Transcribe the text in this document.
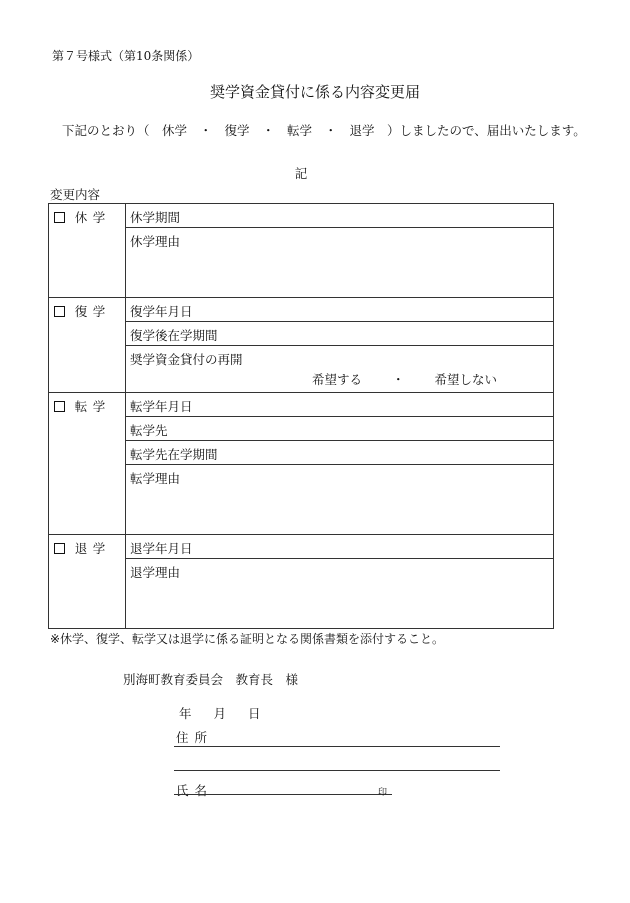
第７号様式（第10条関係）
奨学資金貸付に係る内容変更届
下記のとおり（　休学　・　復学　・　転学　・　退学　）しましたので、届出いたします。
記
変更内容
休 学	休学期間
	休学理由
復 学	復学年月日
	復学後在学期間

	奨学資金貸付の再開
希望する ・ 希望しない

転 学	転学年月日
	転学先
	転学先在学期間
	転学理由
退 学	退学年月日
	退学理由
※休学、復学、転学又は退学に係る証明となる関係書類を添付すること。
別海町教育委員会　教育長　様
年 月 日
住 所
氏 名	印
